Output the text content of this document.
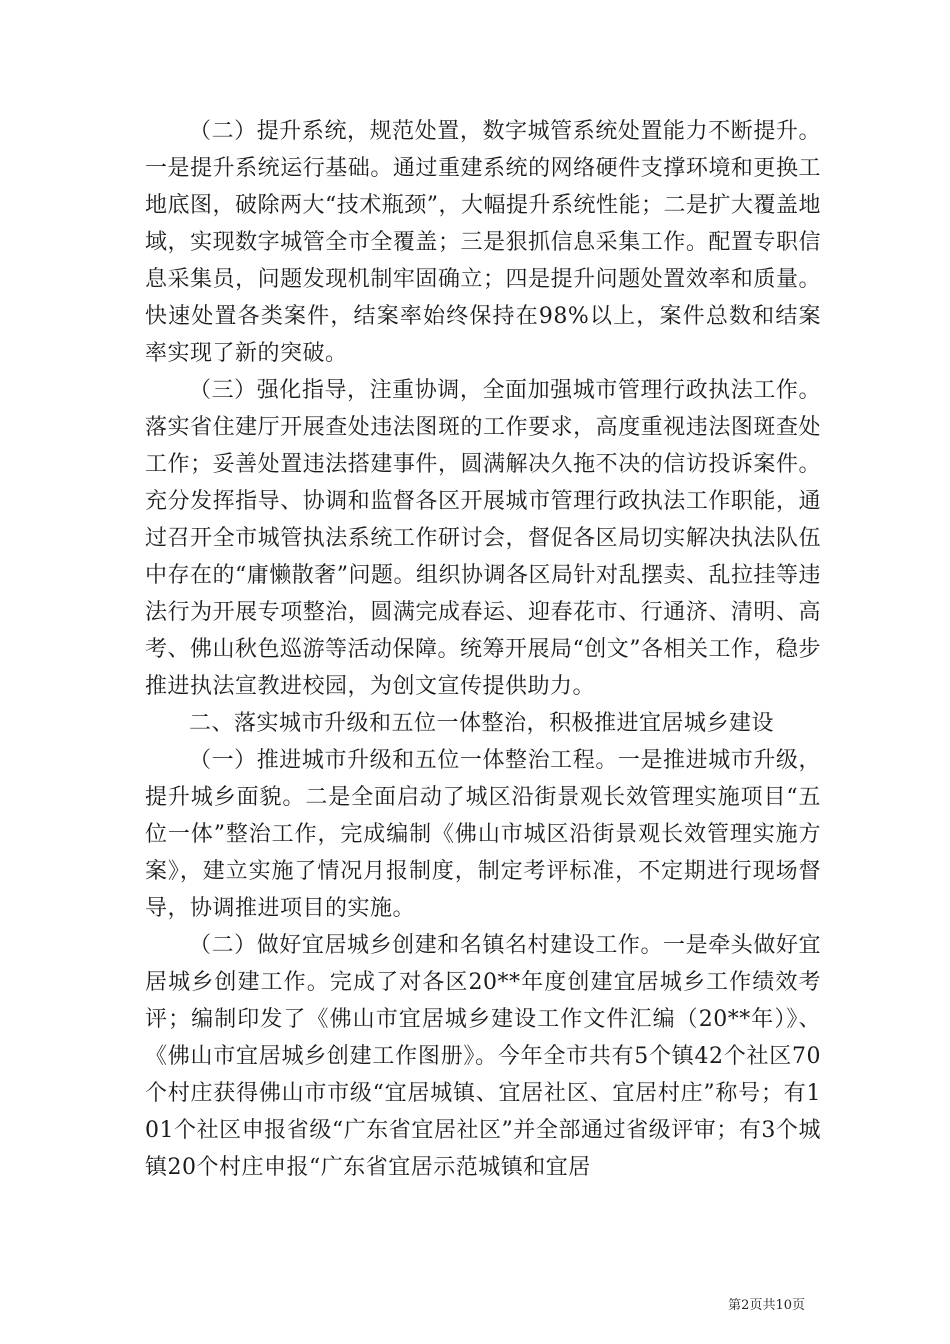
（二）提升系统，规范处置，数字城管系统处置能力不断提升。一是提升系统运行基础。通过重建系统的网络硬件支撑环境和更换工地底图，破除两大“技术瓶颈”，大幅提升系统性能；二是扩大覆盖地域，实现数字城管全市全覆盖；三是狠抓信息采集工作。配置专职信息采集员，问题发现机制牢固确立；四是提升问题处置效率和质量。快速处置各类案件，结案率始终保持在98%以上，案件总数和结案率实现了新的突破。

（三）强化指导，注重协调，全面加强城市管理行政执法工作。落实省住建厅开展查处违法图斑的工作要求，高度重视违法图斑查处工作；妥善处置违法搭建事件，圆满解决久拖不决的信访投诉案件。充分发挥指导、协调和监督各区开展城市管理行政执法工作职能，通过召开全市城管执法系统工作研讨会，督促各区局切实解决执法队伍中存在的“庸懒散奢”问题。组织协调各区局针对乱摆卖、乱拉挂等违法行为开展专项整治，圆满完成春运、迎春花市、行通济、清明、高考、佛山秋色巡游等活动保障。统筹开展局“创文”各相关工作，稳步推进执法宣教进校园，为创文宣传提供助力。

二、落实城市升级和五位一体整治，积极推进宜居城乡建设

（一）推进城市升级和五位一体整治工程。一是推进城市升级，提升城乡面貌。二是全面启动了城区沿街景观长效管理实施项目“五位一体”整治工作，完成编制《佛山市城区沿街景观长效管理实施方案》，建立实施了情况月报制度，制定考评标准，不定期进行现场督导，协调推进项目的实施。

（二）做好宜居城乡创建和名镇名村建设工作。一是牵头做好宜居城乡创建工作。完成了对各区20**年度创建宜居城乡工作绩效考评；编制印发了《佛山市宜居城乡建设工作文件汇编（20**年）》、《佛山市宜居城乡创建工作图册》。今年全市共有5个镇42个社区70个村庄获得佛山市市级“宜居城镇、宜居社区、宜居村庄”称号；有101个社区申报省级“广东省宜居社区”并全部通过省级评审；有3个城镇20个村庄申报“广东省宜居示范城镇和宜居

第2页共10页
